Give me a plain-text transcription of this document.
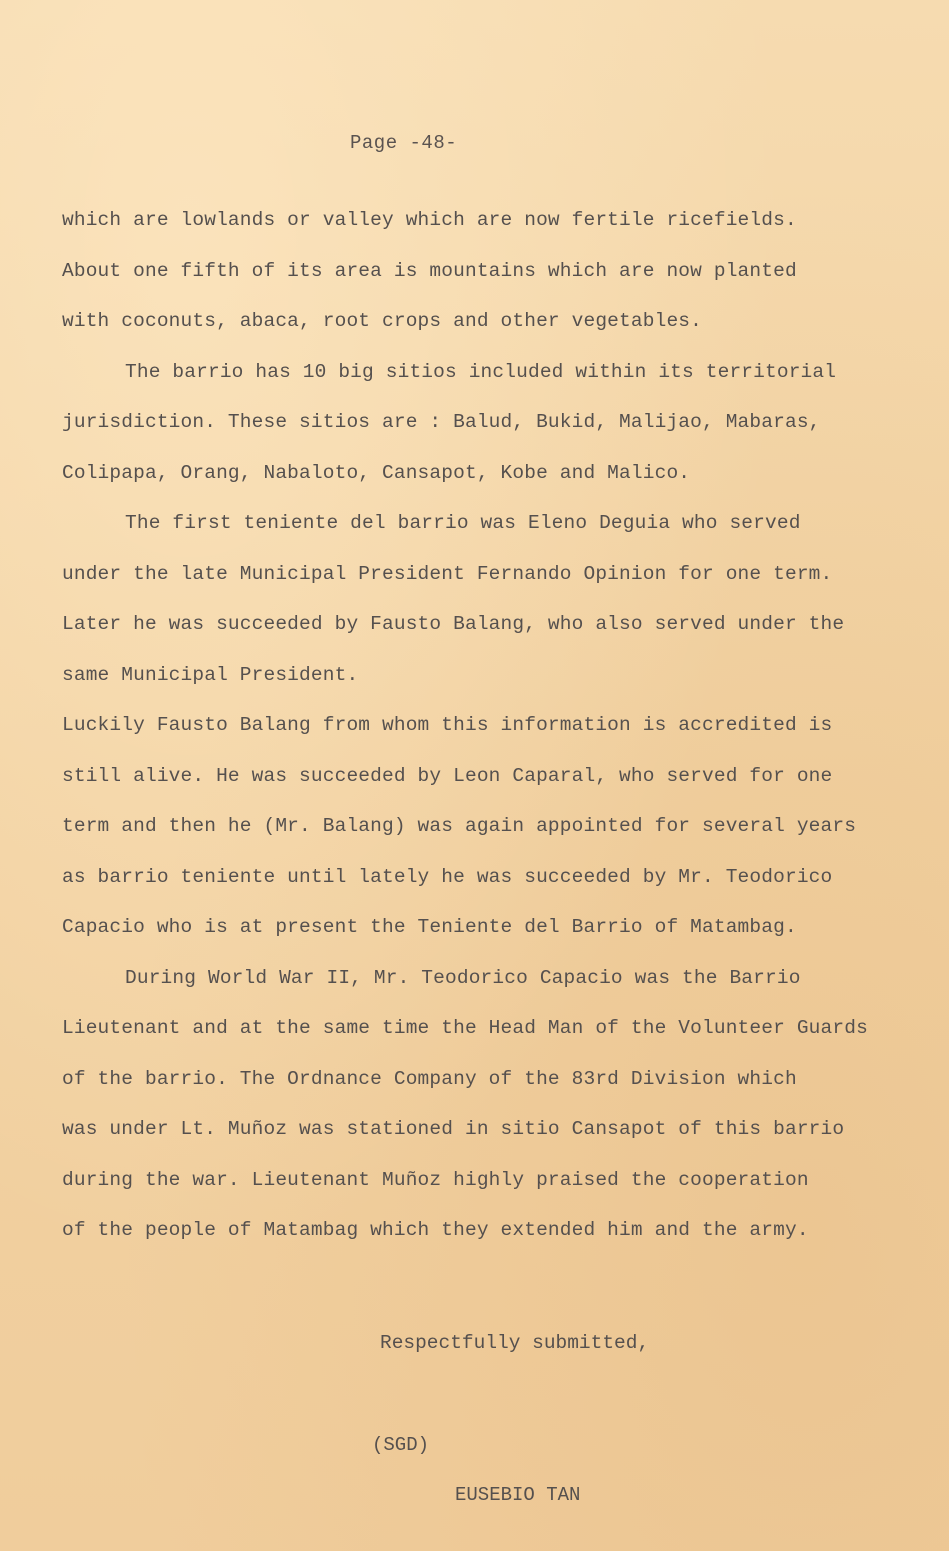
Page -48-
which are lowlands or valley which are now fertile ricefields.
About one fifth of its area is mountains which are now planted
with coconuts, abaca, root crops and other vegetables.
The barrio has 10 big sitios included within its territorial
jurisdiction. These sitios are : Balud, Bukid, Malijao, Mabaras,
Colipapa, Orang, Nabaloto, Cansapot, Kobe and Malico.
The first teniente del barrio was Eleno Deguia who served
under the late Municipal President Fernando Opinion for one term.
Later he was succeeded by Fausto Balang, who also served under the
same Municipal President.
Luckily Fausto Balang from whom this information is accredited is
still alive. He was succeeded by Leon Caparal, who served for one
term and then he (Mr. Balang) was again appointed for several years
as barrio teniente until lately he was succeeded by Mr. Teodorico
Capacio who is at present the Teniente del Barrio of Matambag.
During World War II, Mr. Teodorico Capacio was the Barrio
Lieutenant and at the same time the Head Man of the Volunteer Guards
of the barrio. The Ordnance Company of the 83rd Division which
was under Lt. Muñoz was stationed in sitio Cansapot of this barrio
during the war. Lieutenant Muñoz highly praised the cooperation
of the people of Matambag which they extended him and the army.
Respectfully submitted,
(SGD)
EUSEBIO TAN
